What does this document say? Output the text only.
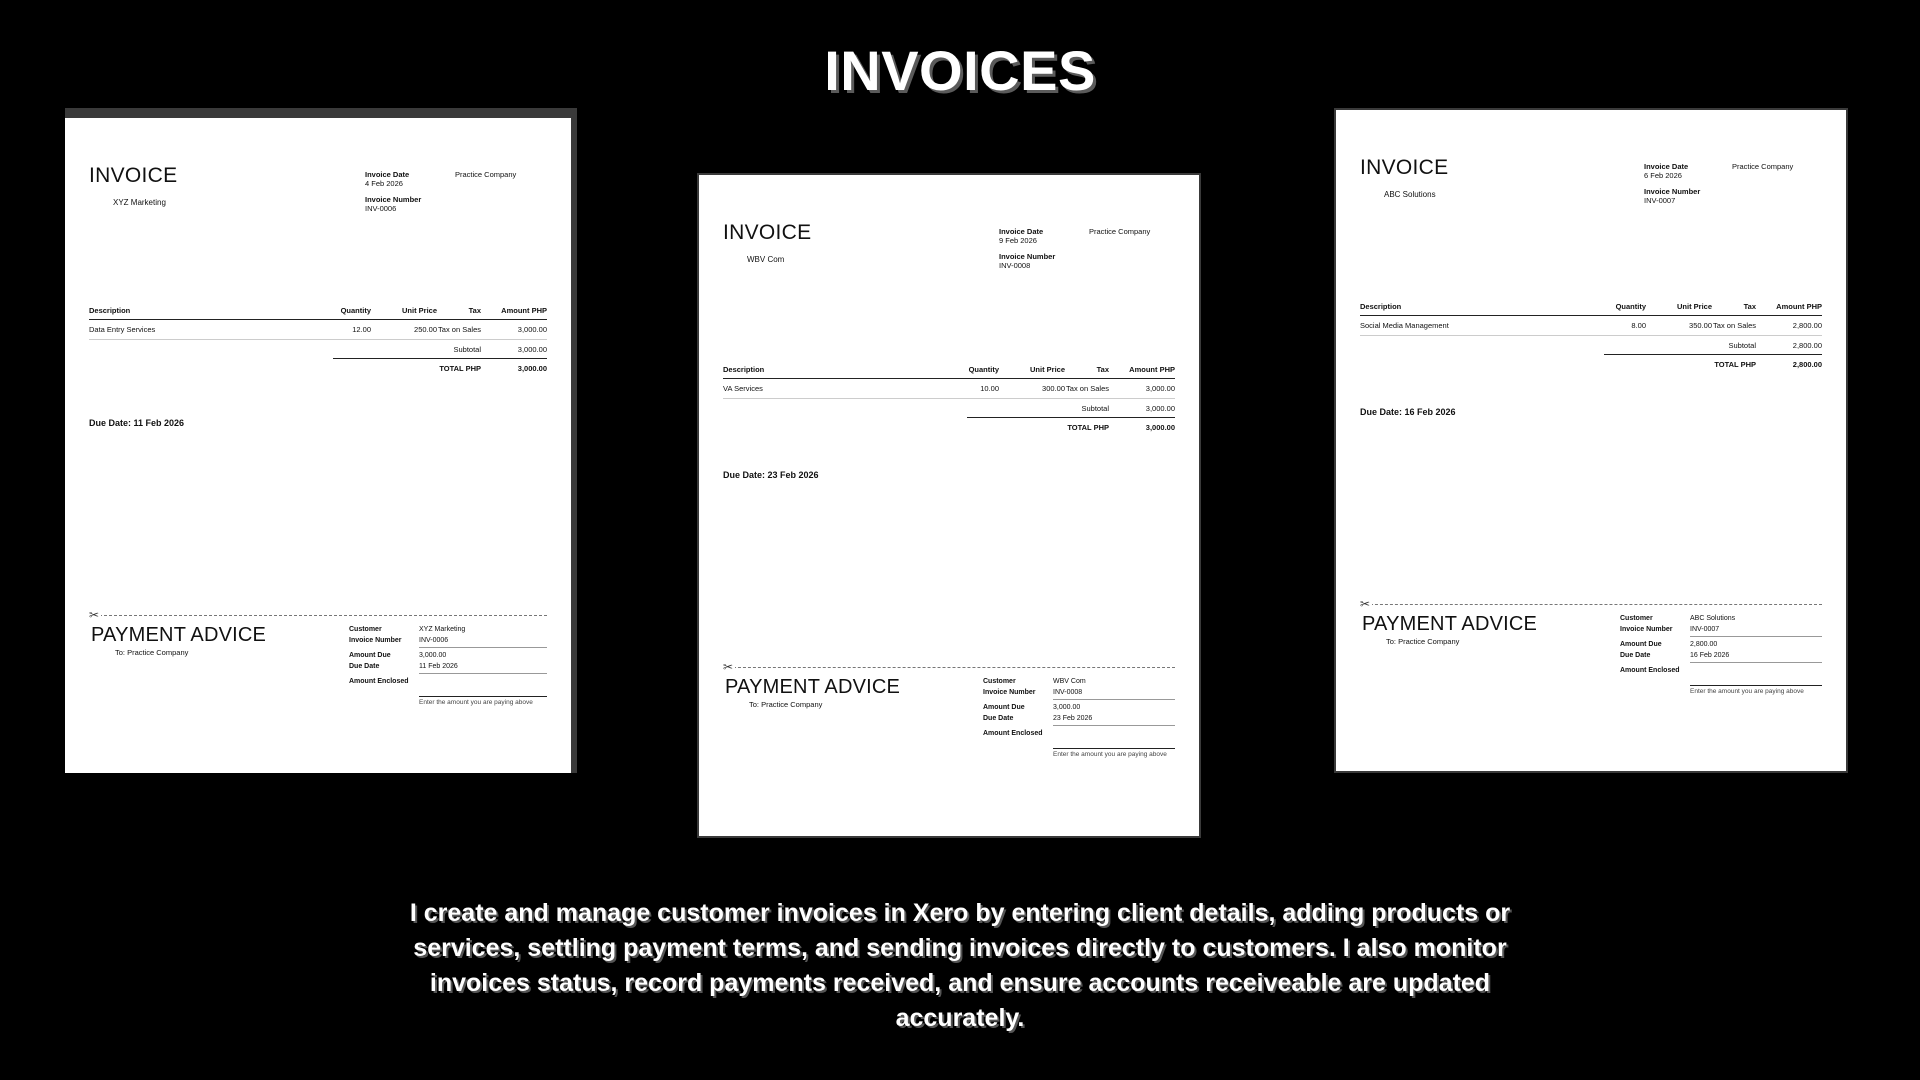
INVOICES
INVOICE
XYZ Marketing
Invoice Date
4 Feb 2026
Invoice Number
INV-0006
Practice Company
Description	Quantity	Unit Price	Tax	Amount PHP
Data Entry Services	12.00	250.00 Tax on Sales	3,000.00
Subtotal	3,000.00
TOTAL PHP	3,000.00
Due Date: 11 Feb 2026
✂
PAYMENT ADVICE
To: Practice Company
Customer	XYZ Marketing
Invoice Number	INV-0006
Amount Due	3,000.00
Due Date	11 Feb 2026
Amount Enclosed
Enter the amount you are paying above
INVOICE
WBV Com
Invoice Date
9 Feb 2026
Invoice Number
INV-0008
Practice Company
Description	Quantity	Unit Price	Tax	Amount PHP
VA Services	10.00	300.00 Tax on Sales	3,000.00
Subtotal	3,000.00
TOTAL PHP	3,000.00
Due Date: 23 Feb 2026
✂
PAYMENT ADVICE
To: Practice Company
Customer	WBV Com
Invoice Number	INV-0008
Amount Due	3,000.00
Due Date	23 Feb 2026
Amount Enclosed
Enter the amount you are paying above
INVOICE
ABC Solutions
Invoice Date
6 Feb 2026
Invoice Number
INV-0007
Practice Company
Description	Quantity	Unit Price	Tax	Amount PHP
Social Media Management	8.00	350.00 Tax on Sales	2,800.00
Subtotal	2,800.00
TOTAL PHP	2,800.00
Due Date: 16 Feb 2026
✂
PAYMENT ADVICE
To: Practice Company
Customer	ABC Solutions
Invoice Number	INV-0007
Amount Due	2,800.00
Due Date	16 Feb 2026
Amount Enclosed
Enter the amount you are paying above
I create and manage customer invoices in Xero by entering client details, adding products or services, settling payment terms, and sending invoices directly to customers. I also monitor invoices status, record payments received, and ensure accounts receiveable are updated accurately.
